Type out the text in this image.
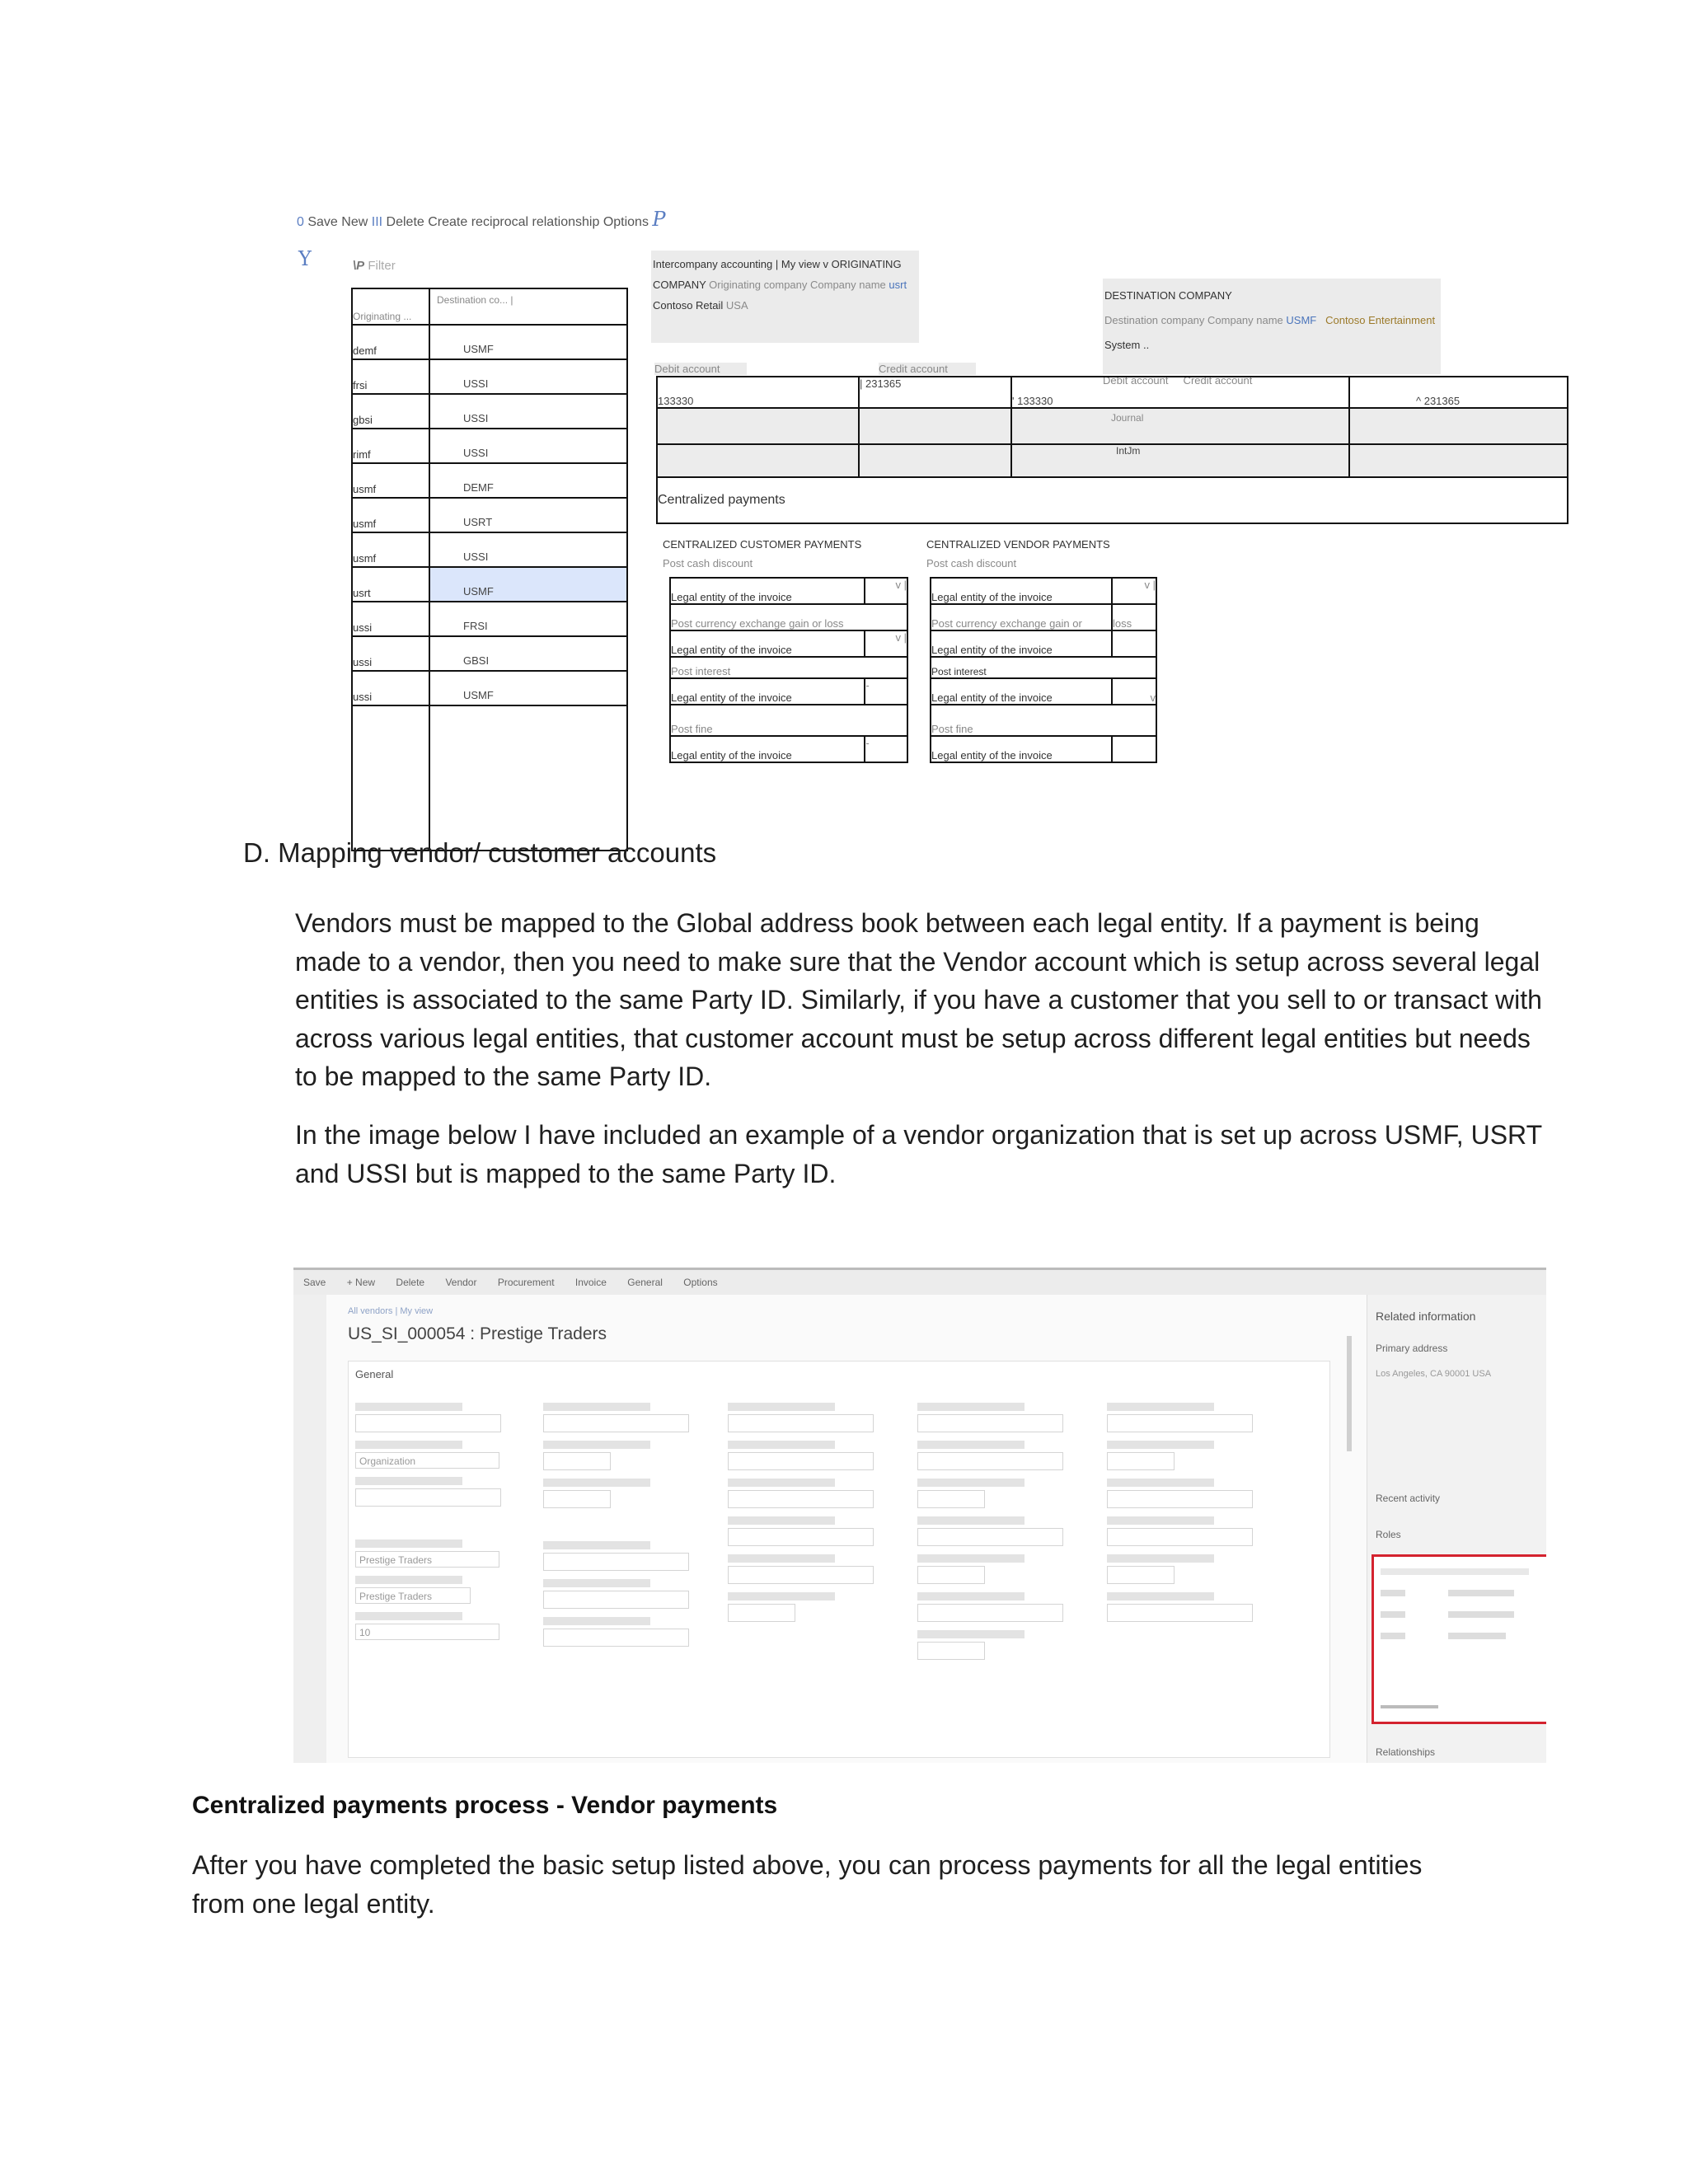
0 Save New III Delete Create reciprocal relationship Options P
Y	\P Filter
Originating ...	Destination co... |
demf	USMF
frsi	USSI
gbsi	USSI
rimf	USSI
usmf	DEMF
usmf	USRT
usmf	USSI
usrt	USMF
ussi	FRSI
ussi	GBSI
ussi	USMF

Intercompany accounting | My view v ORIGINATING
COMPANY Originating company Company name usrt
Contoso Retail USA
DESTINATION COMPANY
Destination company Company name USMF Contoso Entertainment
System ..
Debit account	Credit account
Debit account     Credit account
133330	| 231365	' 133330	^ 231365
		Journal	
		IntJm	
Centralized payments			
CENTRALIZED CUSTOMER PAYMENTS
Post cash discount
Legal entity of the invoice	v |
Post currency exchange gain or loss	
Legal entity of the invoice	v |
Post interest	
Legal entity of the invoice	-
Post fine	
Legal entity of the invoice	-
CENTRALIZED VENDOR PAYMENTS
Post cash discount
Legal entity of the invoice	v |
Post currency exchange gain or	loss
Legal entity of the invoice	
Post interest	
Legal entity of the invoice	v
Post fine	
Legal entity of the invoice	
D. Mapping vendor/ customer accounts
Vendors must be mapped to the Global address book between each legal entity. If a payment is being made to a vendor, then you need to make sure that the Vendor account which is setup across several legal entities is associated to the same Party ID. Similarly, if you have a customer that you sell to or transact with across various legal entities, that customer account must be setup across different legal entities but needs to be mapped to the same Party ID.
In the image below I have included an example of a vendor organization that is set up across USMF, USRT and USSI but is mapped to the same Party ID.
Save + New Delete Vendor Procurement Invoice General Options
All vendors | My view
US_SI_000054 : Prestige Traders
General
Organization
Prestige Traders
Prestige Traders
10
Related information
Primary address
Los Angeles, CA 90001 USA
Recent activity
Roles
Relationships
Centralized payments process - Vendor payments
After you have completed the basic setup listed above, you can process payments for all the legal entities from one legal entity.
